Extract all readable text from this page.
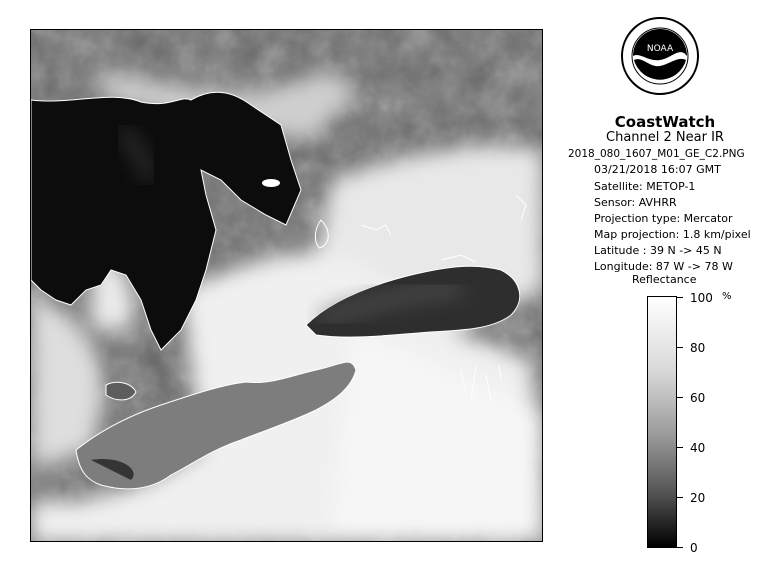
NOAA
CoastWatch
Channel 2 Near IR
2018_080_1607_M01_GE_C2.PNG
03/21/2018 16:07 GMT
Satellite: METOP-1
Sensor: AVHRR
Projection type: Mercator
Map projection: 1.8 km/pixel
Latitude : 39 N -> 45 N
Longitude: 87 W -> 78 W
Reflectance
%
100
80
60
40
20
0
